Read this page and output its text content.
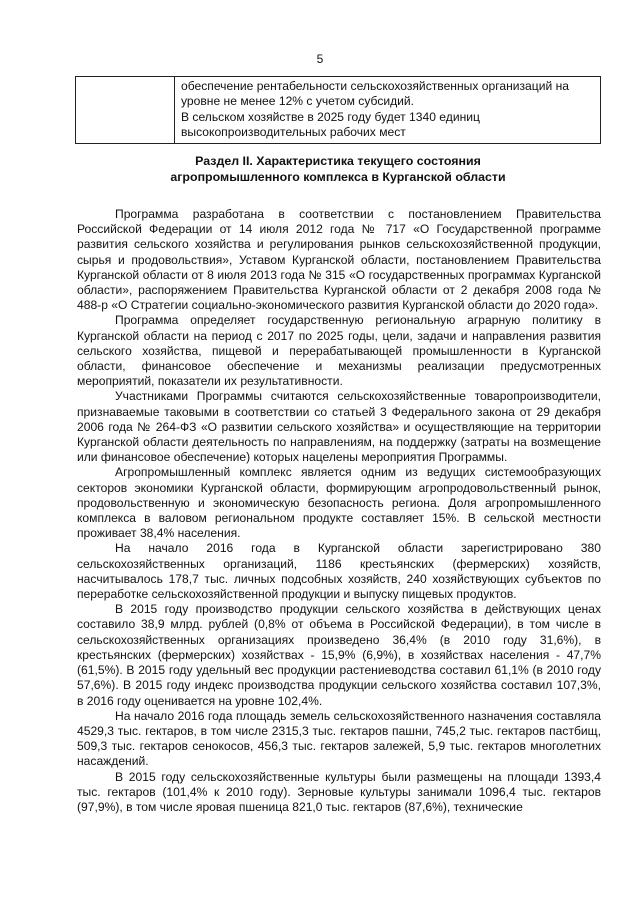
5

обеспечение рентабельности сельскохозяйственных организаций на уровне не менее 12% с учетом субсидий.
В сельском хозяйстве в 2025 году будет 1340 единиц высокопроизводительных рабочих мест
Раздел II. Характеристика текущего состояния
агропромышленного комплекса в Курганской области

Программа разработана в соответствии с постановлением Правительства Российской Федерации от 14 июля 2012 года № 717 «О Государственной программе развития сельского хозяйства и регулирования рынков сельскохозяйственной продукции, сырья и продовольствия», Уставом Курганской области, постановлением Правительства Курганской области от 8 июля 2013 года № 315 «О государственных программах Курганской области», распоряжением Правительства Курганской области от 2 декабря 2008 года № 488-р «О Стратегии социально-экономического развития Курганской области до 2020 года».

Программа определяет государственную региональную аграрную политику в Курганской области на период с 2017 по 2025 годы, цели, задачи и направления развития сельского хозяйства, пищевой и перерабатывающей промышленности в Курганской области, финансовое обеспечение и механизмы реализации предусмотренных мероприятий, показатели их результативности.

Участниками Программы считаются сельскохозяйственные товаропроизводители, признаваемые таковыми в соответствии со статьей 3 Федерального закона от 29 декабря 2006 года № 264-ФЗ «О развитии сельского хозяйства» и осуществляющие на территории Курганской области деятельность по направлениям, на поддержку (затраты на возмещение или финансовое обеспечение) которых нацелены мероприятия Программы.

Агропромышленный комплекс является одним из ведущих системообразующих секторов экономики Курганской области, формирующим агропродовольственный рынок, продовольственную и экономическую безопасность региона. Доля агропромышленного комплекса в валовом региональном продукте составляет 15%. В сельской местности проживает 38,4% населения.

На начало 2016 года в Курганской области зарегистрировано 380 сельскохозяйственных организаций, 1186 крестьянских (фермерских) хозяйств, насчитывалось 178,7 тыс. личных подсобных хозяйств, 240 хозяйствующих субъектов по переработке сельскохозяйственной продукции и выпуску пищевых продуктов.

В 2015 году производство продукции сельского хозяйства в действующих ценах составило 38,9 млрд. рублей (0,8% от объема в Российской Федерации), в том числе в сельскохозяйственных организациях произведено 36,4% (в 2010 году 31,6%), в крестьянских (фермерских) хозяйствах - 15,9% (6,9%), в хозяйствах населения - 47,7% (61,5%). В 2015 году удельный вес продукции растениеводства составил 61,1% (в 2010 году 57,6%). В 2015 году индекс производства продукции сельского хозяйства составил 107,3%, в 2016 году оценивается на уровне 102,4%.

На начало 2016 года площадь земель сельскохозяйственного назначения составляла 4529,3 тыс. гектаров, в том числе 2315,3 тыс. гектаров пашни, 745,2 тыс. гектаров пастбищ, 509,3 тыс. гектаров сенокосов, 456,3 тыс. гектаров залежей, 5,9 тыс. гектаров многолетних насаждений.

В 2015 году сельскохозяйственные культуры были размещены на площади 1393,4 тыс. гектаров (101,4% к 2010 году). Зерновые культуры занимали 1096,4 тыс. гектаров (97,9%), в том числе яровая пшеница 821,0 тыс. гектаров (87,6%), технические
